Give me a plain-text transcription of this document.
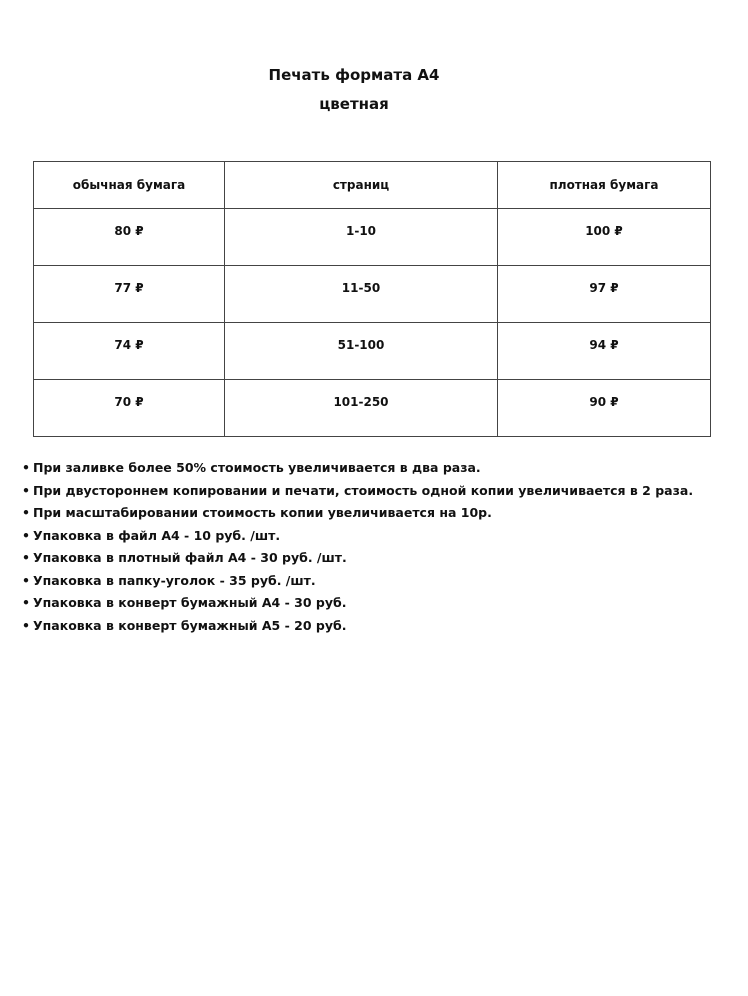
Печать формата А4
цветная
обычная бумага	страниц	плотная бумага
80 ₽	1-10	100 ₽
77 ₽	11-50	97 ₽
74 ₽	51-100	94 ₽
70 ₽	101-250	90 ₽
• При заливке более 50% стоимость увеличивается в два раза.
• При двустороннем копировании и печати, стоимость одной копии увеличивается в 2 раза.
• При масштабировании стоимость копии увеличивается на 10р.
• Упаковка в файл А4 - 10 руб. /шт.
• Упаковка в плотный файл А4 - 30 руб. /шт.
• Упаковка в папку-уголок - 35 руб. /шт.
• Упаковка в конверт бумажный А4 - 30 руб.
• Упаковка в конверт бумажный А5 - 20 руб.
